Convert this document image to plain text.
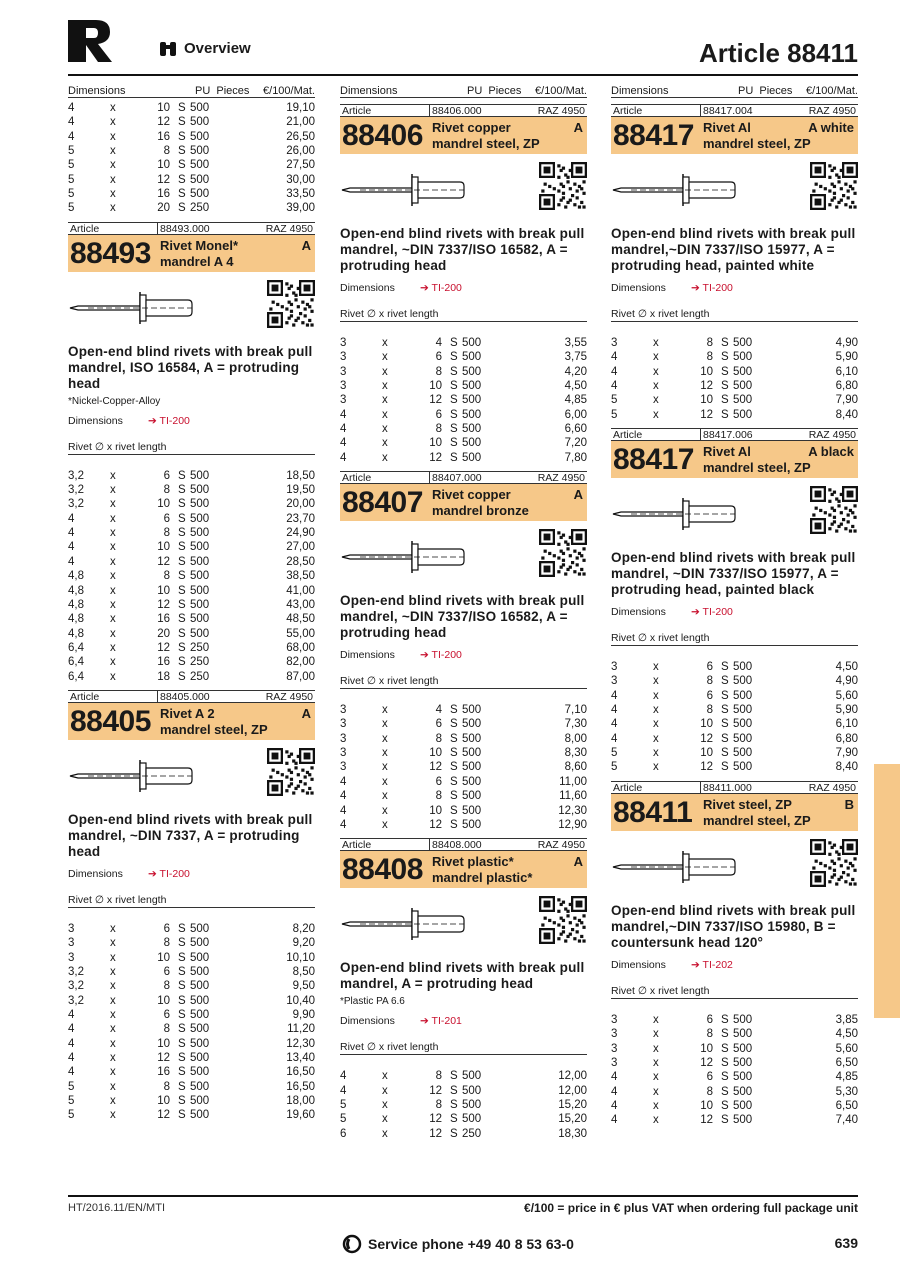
Overview	Article 88411
Dimensions	PU Pieces	€/100/Mat.
4	x	10 S 500	19,10
4	x	12 S 500	21,00
4	x	16 S 500	26,50
5	x	8 S 500	26,00
5	x	10 S 500	27,50
5	x	12 S 500	30,00
5	x	16 S 500	33,50
5	x	20 S 250	39,00
Article	88493.000	RAZ 4950
88493 Rivet Monel*	A
mandrel A 4
Open-end blind rivets with break pull mandrel, ISO 16584, A = protruding head
*Nickel-Copper-Alloy
Dimensions	➔ TI-200
Rivet ∅ x rivet length
3,2	x	6 S 500	18,50
3,2	x	8 S 500	19,50
3,2	x	10 S 500	20,00
4	x	6 S 500	23,70
4	x	8 S 500	24,90
4	x	10 S 500	27,00
4	x	12 S 500	28,50
4,8	x	8 S 500	38,50
4,8	x	10 S 500	41,00
4,8	x	12 S 500	43,00
4,8	x	16 S 500	48,50
4,8	x	20 S 500	55,00
6,4	x	12 S 250	68,00
6,4	x	16 S 250	82,00
6,4	x	18 S 250	87,00
Article	88405.000	RAZ 4950
88405 Rivet A 2	A
mandrel steel, ZP
Open-end blind rivets with break pull mandrel, ~DIN 7337, A = protruding head
Dimensions	➔ TI-200
Rivet ∅ x rivet length
3	x	6 S 500	8,20
3	x	8 S 500	9,20
3	x	10 S 500	10,10
3,2	x	6 S 500	8,50
3,2	x	8 S 500	9,50
3,2	x	10 S 500	10,40
4	x	6 S 500	9,90
4	x	8 S 500	11,20
4	x	10 S 500	12,30
4	x	12 S 500	13,40
4	x	16 S 500	16,50
5	x	8 S 500	16,50
5	x	10 S 500	18,00
5	x	12 S 500	19,60
Dimensions	PU Pieces	€/100/Mat.
Article	88406.000	RAZ 4950
88406 Rivet copper	A
mandrel steel, ZP
Open-end blind rivets with break pull mandrel, ~DIN 7337/ISO 16582, A = protruding head
Dimensions	➔ TI-200
Rivet ∅ x rivet length
3	x	4 S 500	3,55
3	x	6 S 500	3,75
3	x	8 S 500	4,20
3	x	10 S 500	4,50
3	x	12 S 500	4,85
4	x	6 S 500	6,00
4	x	8 S 500	6,60
4	x	10 S 500	7,20
4	x	12 S 500	7,80
Article	88407.000	RAZ 4950
88407 Rivet copper	A
mandrel bronze
Open-end blind rivets with break pull mandrel, ~DIN 7337/ISO 16582, A = protruding head
Dimensions	➔ TI-200
Rivet ∅ x rivet length
3	x	4 S 500	7,10
3	x	6 S 500	7,30
3	x	8 S 500	8,00
3	x	10 S 500	8,30
3	x	12 S 500	8,60
4	x	6 S 500	11,00
4	x	8 S 500	11,60
4	x	10 S 500	12,30
4	x	12 S 500	12,90
Article	88408.000	RAZ 4950
88408 Rivet plastic*	A
mandrel plastic*
Open-end blind rivets with break pull mandrel, A = protruding head
*Plastic PA 6.6
Dimensions	➔ TI-201
Rivet ∅ x rivet length
4	x	8 S 500	12,00
4	x	12 S 500	12,00
5	x	8 S 500	15,20
5	x	12 S 500	15,20
6	x	12 S 250	18,30
Dimensions	PU Pieces	€/100/Mat.
Article	88417.004	RAZ 4950
88417 Rivet Al	A white
mandrel steel, ZP
Open-end blind rivets with break pull mandrel,~DIN 7337/ISO 15977, A = protruding head, painted white
Dimensions	➔ TI-200
Rivet ∅ x rivet length
3	x	8 S 500	4,90
4	x	8 S 500	5,90
4	x	10 S 500	6,10
4	x	12 S 500	6,80
5	x	10 S 500	7,90
5	x	12 S 500	8,40
Article	88417.006	RAZ 4950
88417 Rivet Al	A black
mandrel steel, ZP
Open-end blind rivets with break pull mandrel, ~DIN 7337/ISO 15977, A = protruding head, painted black
Dimensions	➔ TI-200
Rivet ∅ x rivet length
3	x	6 S 500	4,50
3	x	8 S 500	4,90
4	x	6 S 500	5,60
4	x	8 S 500	5,90
4	x	10 S 500	6,10
4	x	12 S 500	6,80
5	x	10 S 500	7,90
5	x	12 S 500	8,40
Article	88411.000	RAZ 4950
88411 Rivet steel, ZP	B
mandrel steel, ZP
Open-end blind rivets with break pull mandrel,~DIN 7337/ISO 15980, B = countersunk head 120°
Dimensions	➔ TI-202
Rivet ∅ x rivet length
3	x	6 S 500	3,85
3	x	8 S 500	4,50
3	x	10 S 500	5,60
3	x	12 S 500	6,50
4	x	6 S 500	4,85
4	x	8 S 500	5,30
4	x	10 S 500	6,50
4	x	12 S 500	7,40
HT/2016.11/EN/MTI	€/100 = price in € plus VAT when ordering full package unit
Service phone +49 40 8 53 63-0	639
